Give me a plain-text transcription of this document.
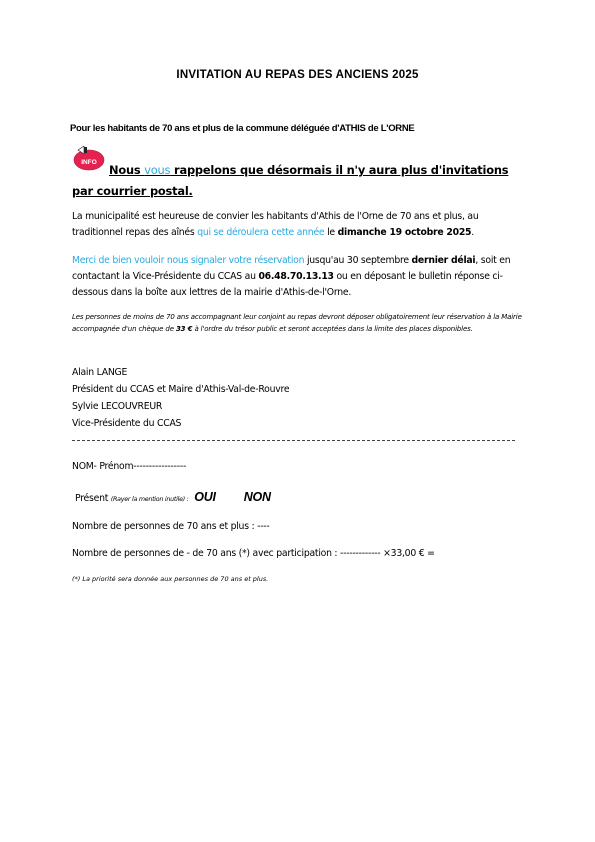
INVITATION AU REPAS DES ANCIENS 2025
Pour les habitants de 70 ans et plus de la commune déléguée d'ATHIS de L'ORNE
INFO
Nous vous rappelons que désormais il n'y aura plus d'invitations par courrier postal.
La municipalité est heureuse de convier les habitants d'Athis de l'Orne de 70 ans et plus, au traditionnel repas des aînés qui se déroulera cette année le dimanche 19 octobre 2025.
Merci de bien vouloir nous signaler votre réservation jusqu'au 30 septembre dernier délai, soit en contactant la Vice-Présidente du CCAS au 06.48.70.13.13 ou en déposant le bulletin réponse ci-dessous dans la boîte aux lettres de la mairie d'Athis-de-l'Orne.
Les personnes de moins de 70 ans accompagnant leur conjoint au repas devront déposer obligatoirement leur réservation à la Mairie accompagnée d'un chèque de 33 € à l'ordre du trésor public et seront acceptées dans la limite des places disponibles.
Alain LANGE
Président du CCAS et Maire d'Athis-Val-de-Rouvre
Sylvie LECOUVREUR
Vice-Présidente du CCAS
NOM- Prénom-----------------
Présent (Rayer la mention inutile) : OUI NON
Nombre de personnes de 70 ans et plus : ----
Nombre de personnes de - de 70 ans (*) avec participation : ------------- ×33,00 € =
(*) La priorité sera donnée aux personnes de 70 ans et plus.
